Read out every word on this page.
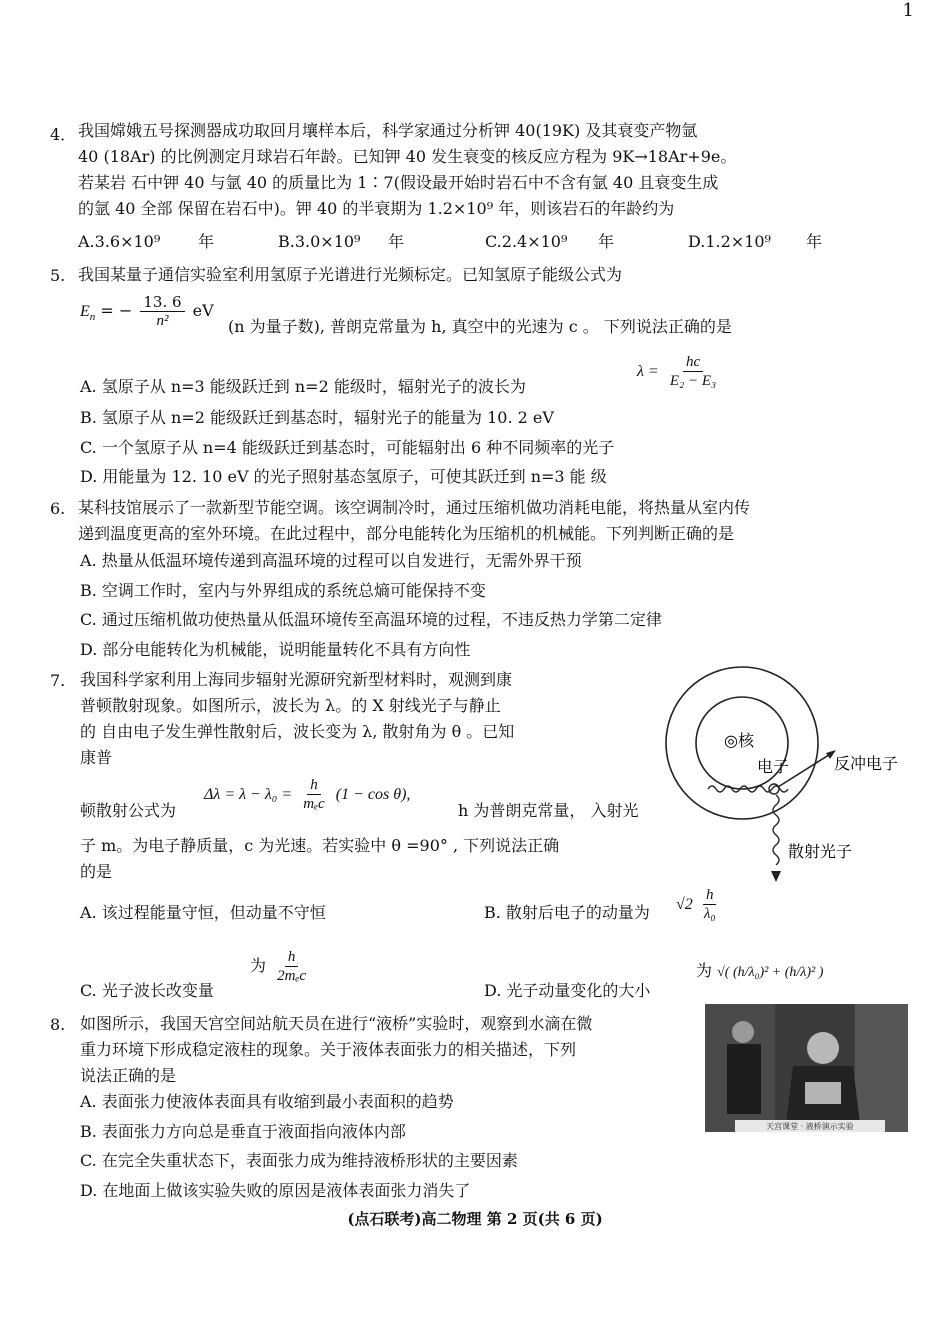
1
4． 我国嫦娥五号探测器成功取回月壤样本后，科学家通过分析钾 40(19K) 及其衰变产物氩
40 (18Ar) 的比例测定月球岩石年龄。已知钾 40 发生衰变的核反应方程为 9K→18Ar+9e。
若某岩 石中钾 40 与氩 40 的质量比为 1∶7(假设最开始时岩石中不含有氩 40 且衰变生成
的氩 40 全部 保留在岩石中)。钾 40 的半衰期为 1.2×10⁹ 年，则该岩石的年龄约为
A.3.6×10⁹ 年	B.3.0×10⁹ 年	C.2.4×10⁹ 年	D.1.2×10⁹ 年
5. 我国某量子通信实验室利用氢原子光谱进行光频标定。已知氢原子能级公式为
$E_n$ = − $\frac{13. 6}{\text{n²}}$ eV
(n 为量子数), 普朗克常量为 h, 真空中的光速为 c 。 下列说法正确的是
A. 氢原子从 n=3 能级跃迁到 n=2 能级时，辐射光子的波长为
$\lambda = \frac{hc}{\text{E₂ − E₃}}$
B. 氢原子从 n=2 能级跃迁到基态时，辐射光子的能量为 10. 2 eV
C. 一个氢原子从 n=4 能级跃迁到基态时，可能辐射出 6 种不同频率的光子
D. 用能量为 12. 10 eV 的光子照射基态氢原子，可使其跃迁到 n=3 能 级
6. 某科技馆展示了一款新型节能空调。该空调制冷时，通过压缩机做功消耗电能，将热量从室内传
递到温度更高的室外环境。在此过程中，部分电能转化为压缩机的机械能。下列判断正确的是
A. 热量从低温环境传递到高温环境的过程可以自发进行，无需外界干预
B. 空调工作时，室内与外界组成的系统总熵可能保持不变
C. 通过压缩机做功使热量从低温环境传至高温环境的过程，不违反热力学第二定律
D. 部分电能转化为机械能，说明能量转化不具有方向性
7. 我国科学家利用上海同步辐射光源研究新型材料时，观测到康
普顿散射现象。如图所示，波长为 λ。的 X 射线光子与静止
的 自由电子发生弹性散射后，波长变为 λ, 散射角为 θ 。已知
康普
顿散射公式为
$\Delta\lambda = \lambda - \lambda_0 = \frac{h}{\text{mₑc}} (1 - \cos \theta)$,
h 为普朗克常量， 入射光
子 m。为电子静质量，c 为光速。若实验中 θ =90° , 下列说法正确
的是
A. 该过程能量守恒，但动量不守恒	B. 散射后电子的动量为 $√2 \frac{h}{\text{λ₀}}$
为 $\frac{h}{\text{2mₑc}}$
C. 光子波长改变量
为 √( (h/λ₀)² + (h/λ)² )
D. 光子动量变化的大小
◎核
电子	反冲电子
散射光子
8. 如图所示，我国天宫空间站航天员在进行“液桥”实验时，观察到水滴在微
重力环境下形成稳定液柱的现象。关于液体表面张力的相关描述，下列
说法正确的是
A. 表面张力使液体表面具有收缩到最小表面积的趋势
B. 表面张力方向总是垂直于液面指向液体内部
C. 在完全失重状态下，表面张力成为维持液桥形状的主要因素
D. 在地面上做该实验失败的原因是液体表面张力消失了
天宫课堂 · 液桥演示实验
(点石联考)高二物理 第 2 页(共 6 页)
